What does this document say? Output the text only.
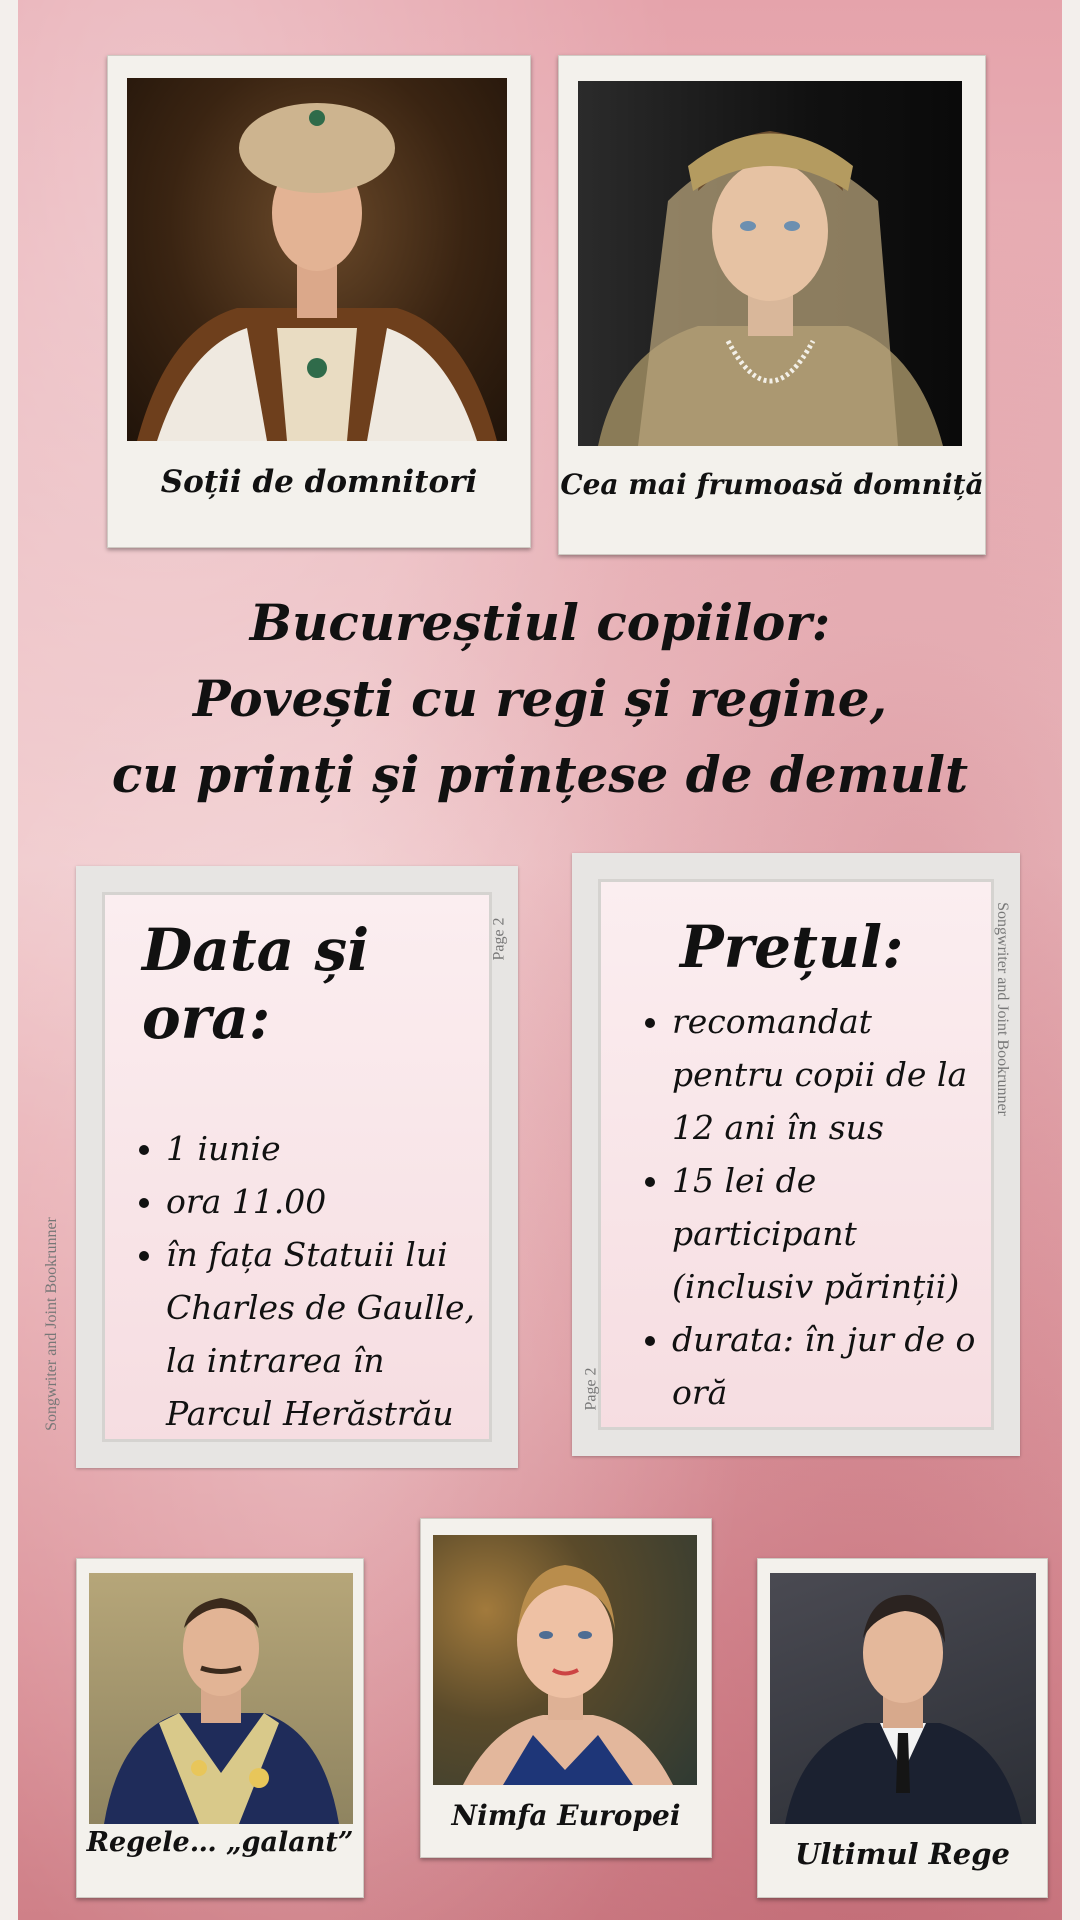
Soții de domnitori	Cea mai frumoasă domniță
Bucureștiul copiilor:
Povești cu regi și regine,
cu prinți și prințese de demult
Data și ora:
• 1 iunie
• ora 11.00
• în fața Statuii lui Charles de Gaulle, la intrarea în Parcul Herăstrău
Songwriter and Joint Bookrunner
Page 2	Prețul:
• recomandat pentru copii de la 12 ani în sus
• 15 lei de participant (inclusiv părinții)
• durata: în jur de o oră
Songwriter and Joint Bookrunner
Page 2
Regele… „galant”
Nimfa Europei
Ultimul Rege
